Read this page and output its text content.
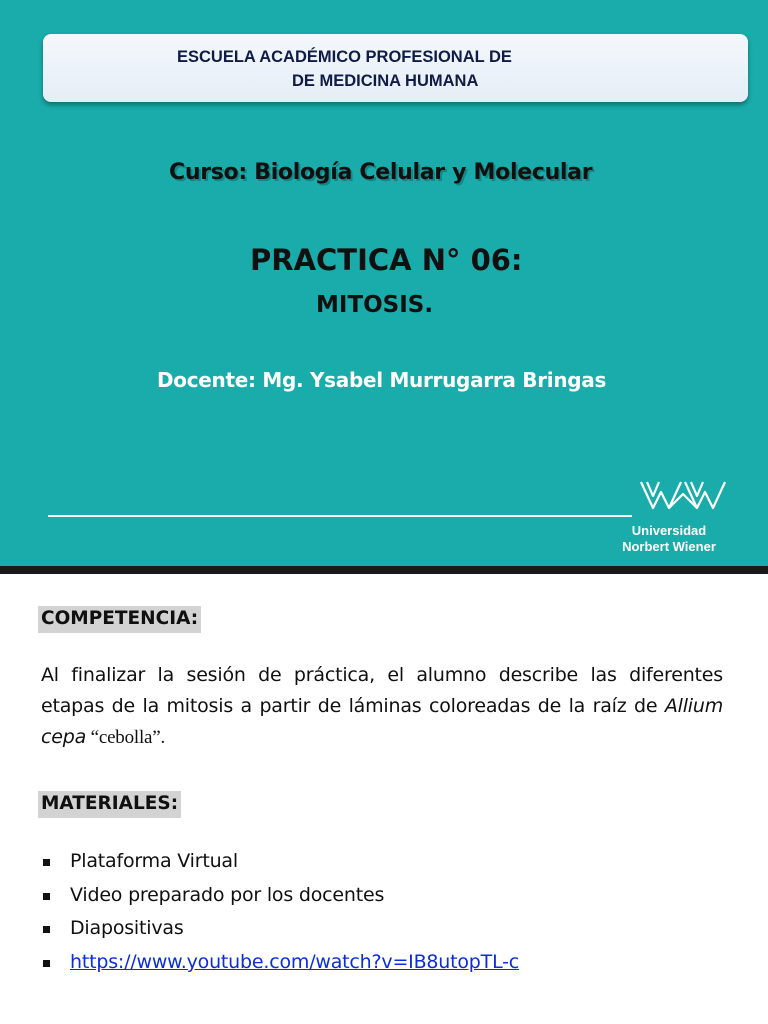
ESCUELA ACADÉMICO PROFESIONAL DE
DE MEDICINA HUMANA
Curso: Biología Celular y Molecular
PRACTICA N° 06:
MITOSIS.
Docente: Mg. Ysabel Murrugarra Bringas
Universidad
Norbert Wiener
COMPETENCIA:
Al finalizar la sesión de práctica, el alumno describe las diferentes etapas de la mitosis a partir de láminas coloreadas de la raíz de Allium cepa “cebolla”.
MATERIALES:
Plataforma Virtual
Video preparado por los docentes
Diapositivas
https://www.youtube.com/watch?v=IB8utopTL-c
